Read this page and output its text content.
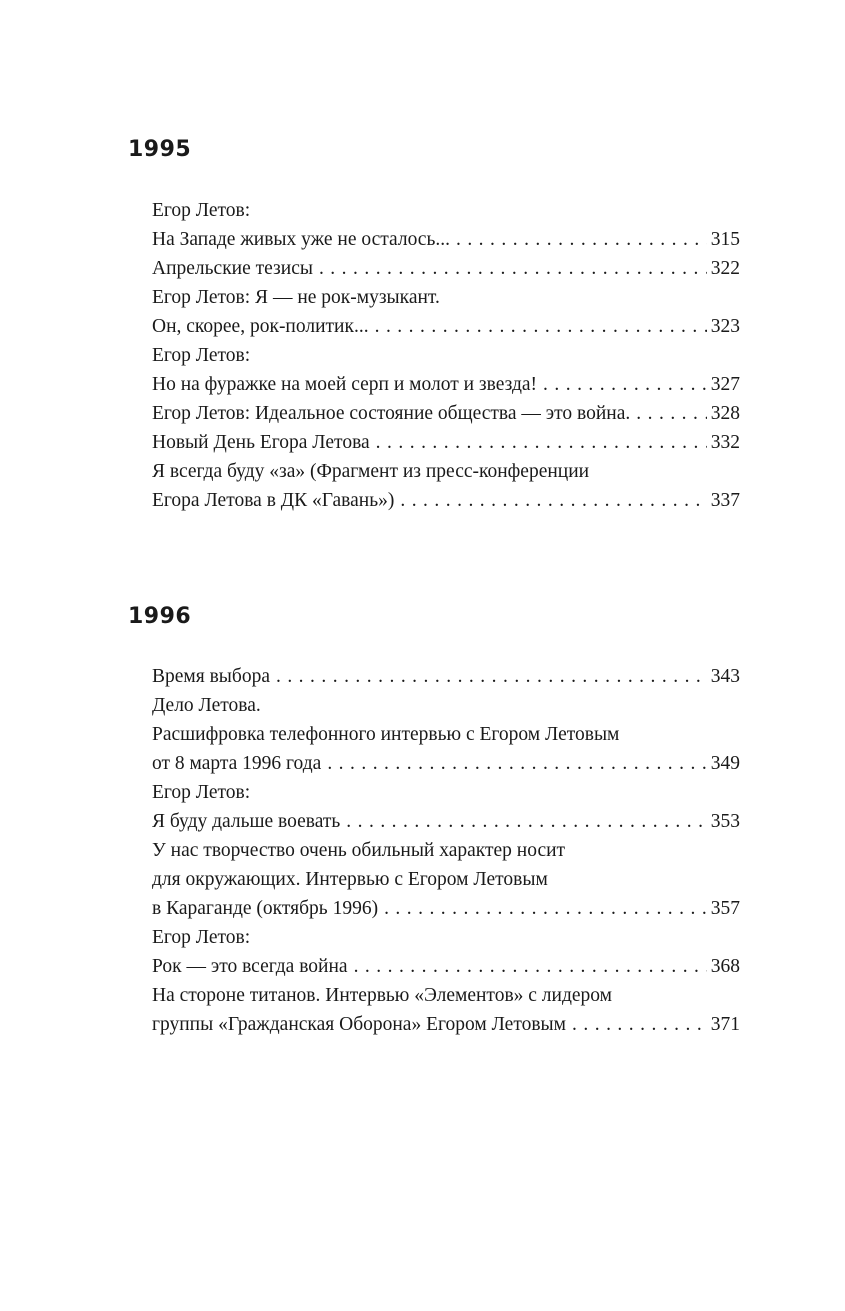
1995
Егор Летов:
На Западе живых уже не осталось... . . .	315
Апрельские тезисы . . .	322
Егор Летов: Я — не рок-музыкант.
Он, скорее, рок-политик... . . .	323
Егор Летов:
Но на фуражке на моей серп и молот и звезда! . . .	327
Егор Летов: Идеальное состояние общества — это война. . . .	328
Новый День Егора Летова . . .	332
Я всегда буду «за» (Фрагмент из пресс-конференции
Егора Летова в ДК «Гавань») . . .	337
1996
Время выбора . . .	343
Дело Летова.
Расшифровка телефонного интервью с Егором Летовым
от 8 марта 1996 года . . .	349
Егор Летов:
Я буду дальше воевать . . .	353
У нас творчество очень обильный характер носит
для окружающих. Интервью с Егором Летовым
в Караганде (октябрь 1996) . . .	357
Егор Летов:
Рок — это всегда война . . .	368
На стороне титанов. Интервью «Элементов» с лидером
группы «Гражданская Оборона» Егором Летовым . . .	371
